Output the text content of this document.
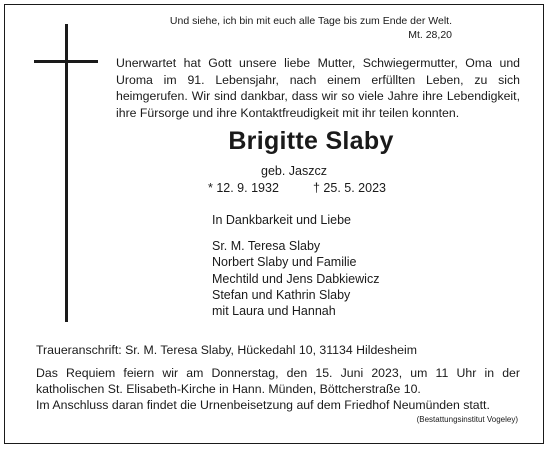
Und siehe, ich bin mit euch alle Tage bis zum Ende der Welt.
Mt. 28,20
Unerwartet hat Gott unsere liebe Mutter, Schwiegermutter, Oma und
Uroma im 91. Lebensjahr, nach einem erfüllten Leben, zu sich
heimgerufen. Wir sind dankbar, dass wir so viele Jahre ihre Lebendigkeit,
ihre Fürsorge und ihre Kontaktfreudigkeit mit ihr teilen konnten.
Brigitte Slaby
geb. Jaszcz
* 12. 9. 1932	† 25. 5. 2023
In Dankbarkeit und Liebe
Sr. M. Teresa Slaby
Norbert Slaby und Familie
Mechtild und Jens Dabkiewicz
Stefan und Kathrin Slaby
mit Laura und Hannah
Traueranschrift: Sr. M. Teresa Slaby, Hückedahl 10, 31134 Hildesheim
Das Requiem feiern wir am Donnerstag, den 15. Juni 2023, um 11 Uhr in der
katholischen St. Elisabeth-Kirche in Hann. Münden, Böttcherstraße 10.
Im Anschluss daran findet die Urnenbeisetzung auf dem Friedhof Neumünden statt.
(Bestattungsinstitut Vogeley)
